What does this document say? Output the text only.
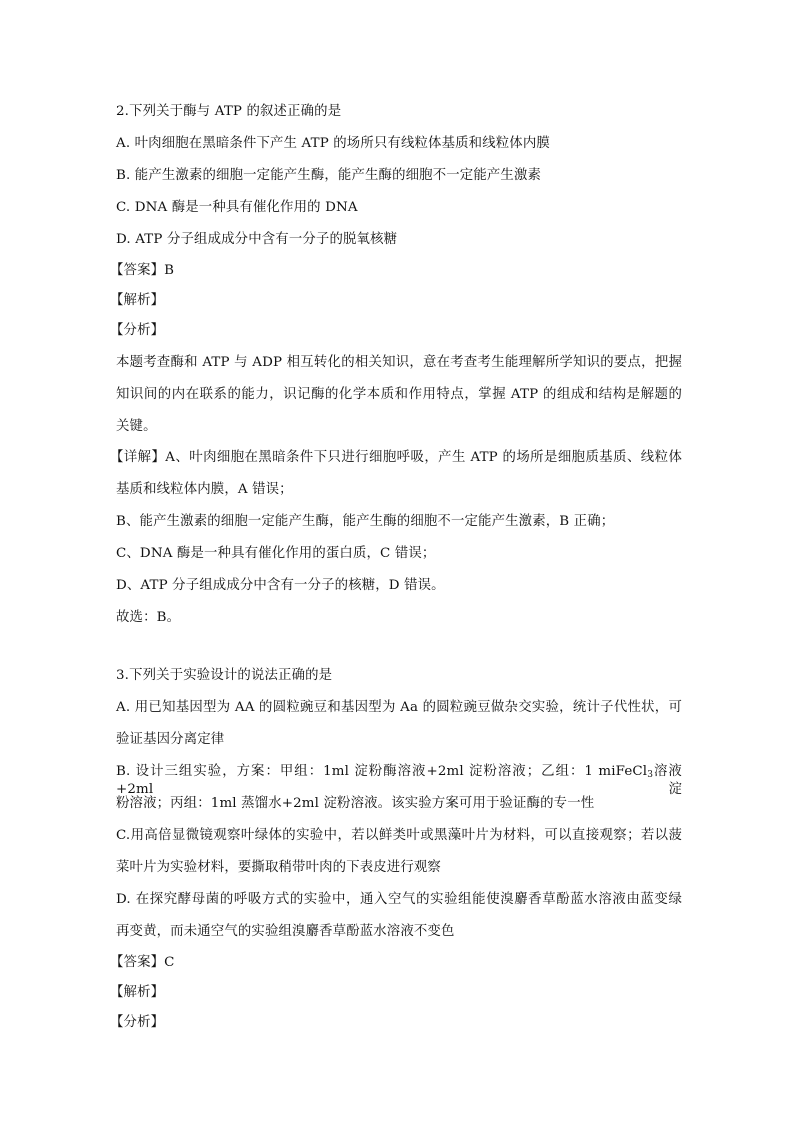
2.下列关于酶与 ATP 的叙述正确的是

A. 叶肉细胞在黑暗条件下产生 ATP 的场所只有线粒体基质和线粒体内膜

B. 能产生激素的细胞一定能产生酶，能产生酶的细胞不一定能产生激素

C. DNA 酶是一种具有催化作用的 DNA

D. ATP 分子组成成分中含有一分子的脱氧核糖

【答案】B

【解析】

【分析】

本题考查酶和 ATP 与 ADP 相互转化的相关知识，意在考查考生能理解所学知识的要点，把握

知识间的内在联系的能力，识记酶的化学本质和作用特点，掌握 ATP 的组成和结构是解题的

关键。

【详解】A、叶肉细胞在黑暗条件下只进行细胞呼吸，产生 ATP 的场所是细胞质基质、线粒体

基质和线粒体内膜，A 错误；

B、能产生激素的细胞一定能产生酶，能产生酶的细胞不一定能产生激素，B 正确；

C、DNA 酶是一种具有催化作用的蛋白质，C 错误；

D、ATP 分子组成成分中含有一分子的核糖，D 错误。

故选：B。

3.下列关于实验设计的说法正确的是

A. 用已知基因型为 AA 的圆粒豌豆和基因型为 Aa 的圆粒豌豆做杂交实验，统计子代性状，可

验证基因分离定律

B. 设计三组实验，方案：甲组：1ml 淀粉酶溶液+2ml 淀粉溶液；乙组：1 miFeCl$_3$溶液+2ml 淀

粉溶液；丙组：1ml 蒸馏水+2ml 淀粉溶液。该实验方案可用于验证酶的专一性

C.用高倍显微镜观察叶绿体的实验中，若以鲜类叶或黑藻叶片为材料，可以直接观察；若以菠

菜叶片为实验材料，要撕取稍带叶肉的下表皮进行观察

D. 在探究酵母菌的呼吸方式的实验中，通入空气的实验组能使溴麝香草酚蓝水溶液由蓝变绿

再变黄，而未通空气的实验组溴麝香草酚蓝水溶液不变色

【答案】C

【解析】

【分析】
